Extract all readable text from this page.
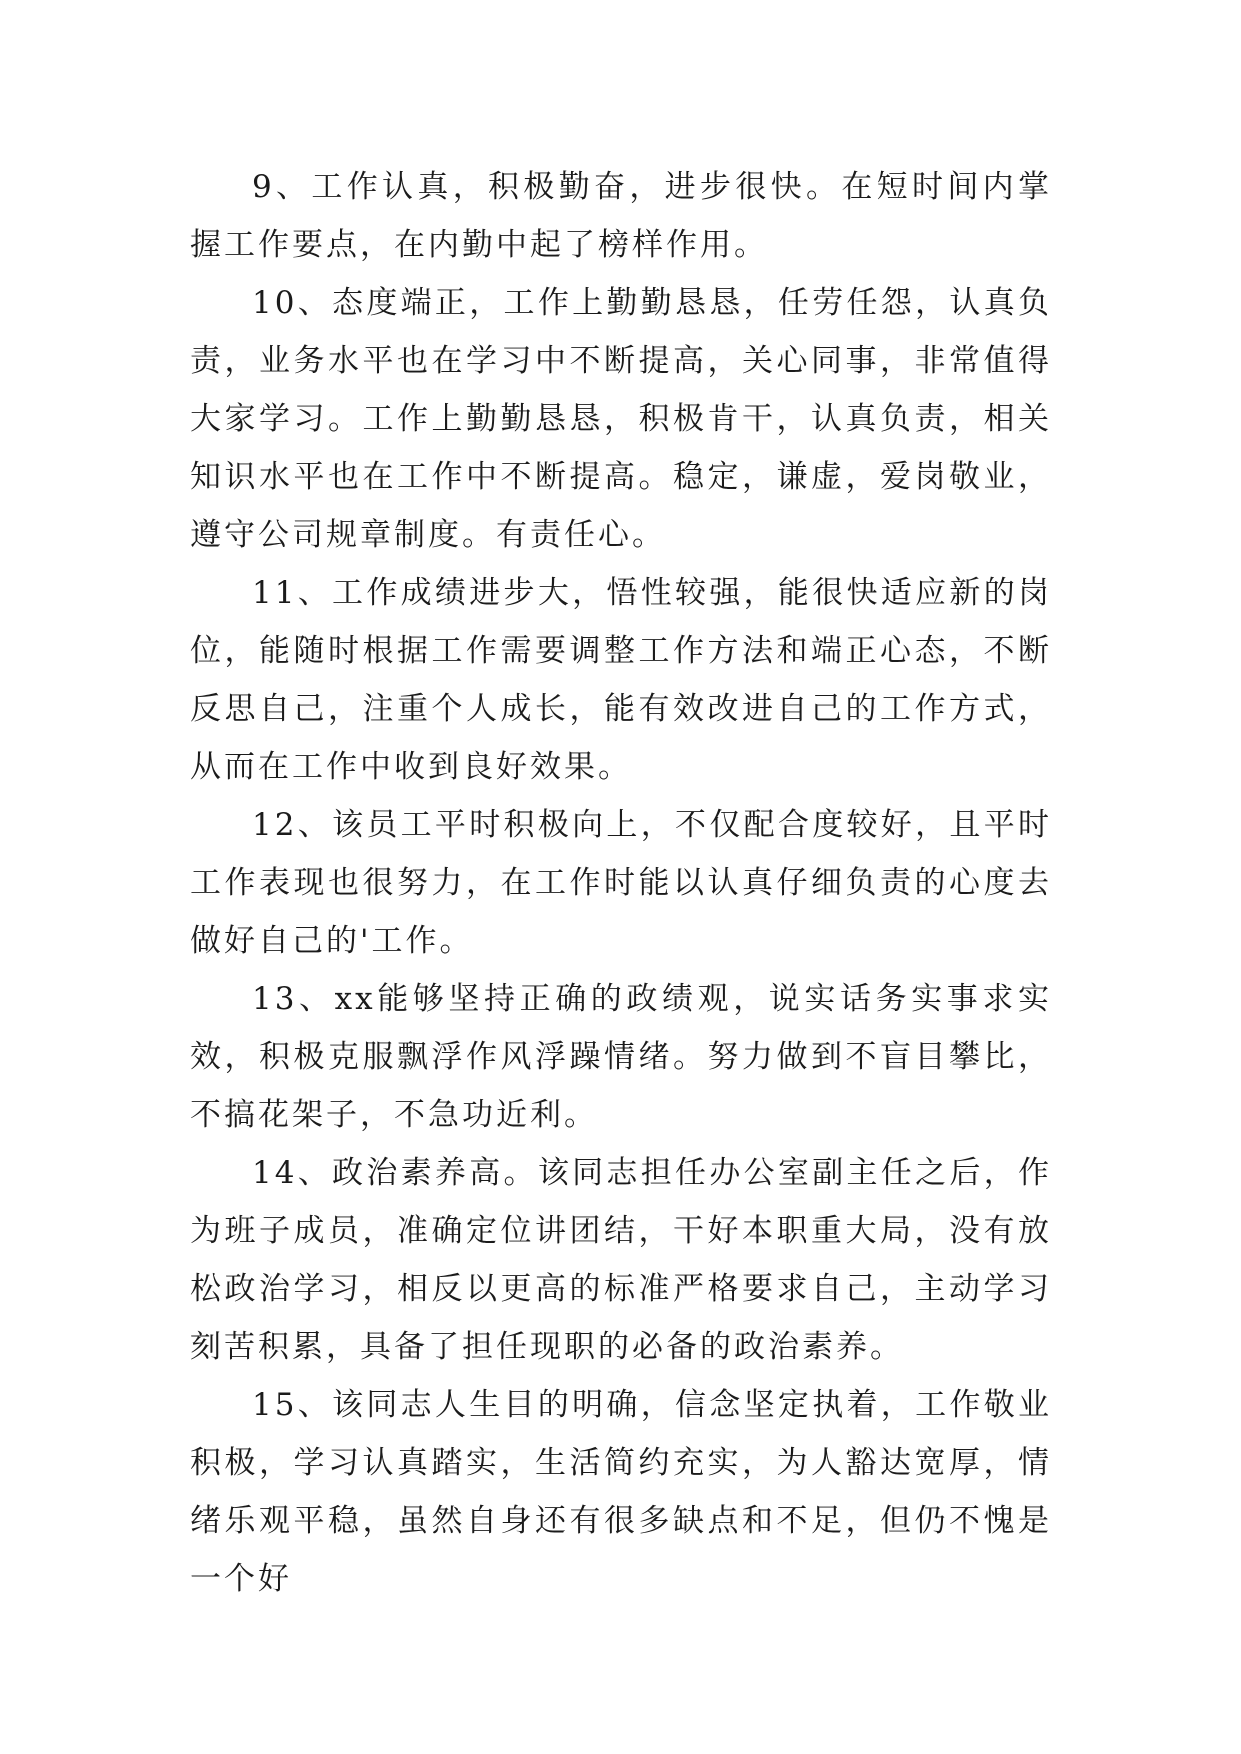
9、工作认真，积极勤奋，进步很快。在短时间内掌握工作要点，在内勤中起了榜样作用。

10、态度端正，工作上勤勤恳恳，任劳任怨，认真负责，业务水平也在学习中不断提高，关心同事，非常值得大家学习。工作上勤勤恳恳，积极肯干，认真负责，相关知识水平也在工作中不断提高。稳定，谦虚，爱岗敬业，遵守公司规章制度。有责任心。

11、工作成绩进步大，悟性较强，能很快适应新的岗位，能随时根据工作需要调整工作方法和端正心态，不断反思自己，注重个人成长，能有效改进自己的工作方式，从而在工作中收到良好效果。

12、该员工平时积极向上，不仅配合度较好，且平时工作表现也很努力，在工作时能以认真仔细负责的心度去做好自己的'工作。

13、xx能够坚持正确的政绩观，说实话务实事求实效，积极克服飘浮作风浮躁情绪。努力做到不盲目攀比，不搞花架子，不急功近利。

14、政治素养高。该同志担任办公室副主任之后，作为班子成员，准确定位讲团结，干好本职重大局，没有放松政治学习，相反以更高的标准严格要求自己，主动学习刻苦积累，具备了担任现职的必备的政治素养。

15、该同志人生目的明确，信念坚定执着，工作敬业积极，学习认真踏实，生活简约充实，为人豁达宽厚，情绪乐观平稳，虽然自身还有很多缺点和不足，但仍不愧是一个好
